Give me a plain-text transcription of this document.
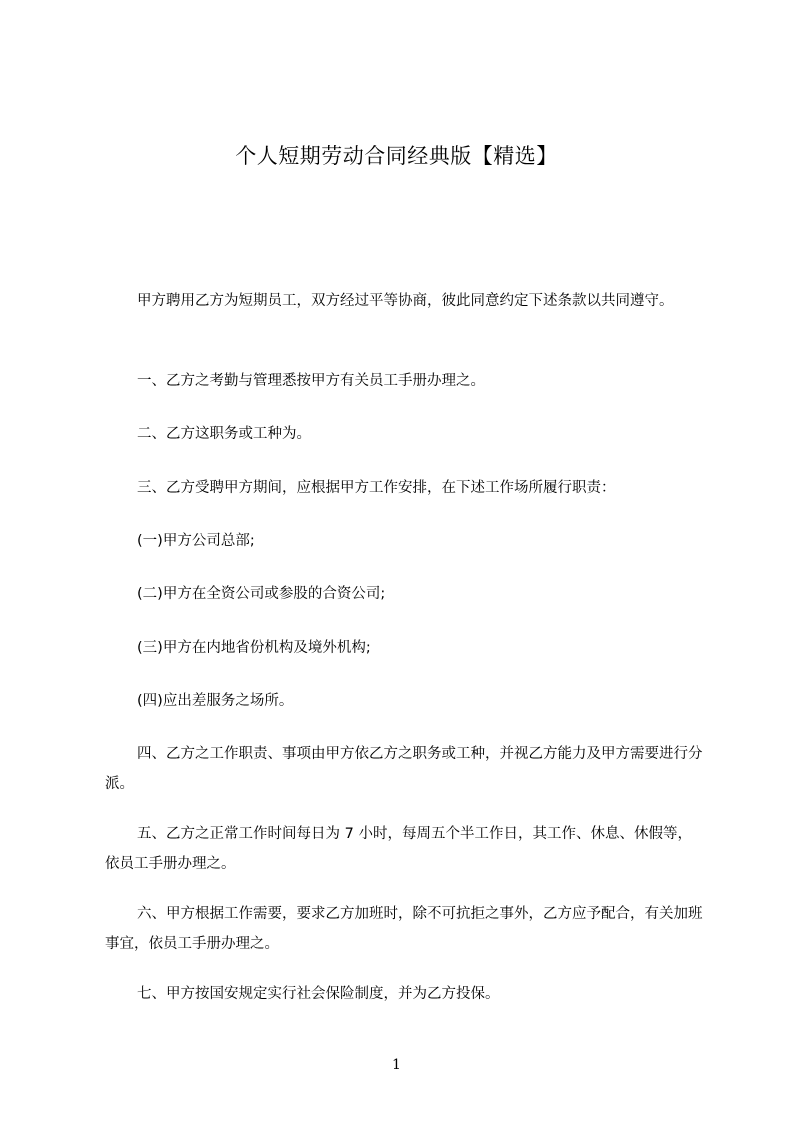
个人短期劳动合同经典版【精选】
甲方聘用乙方为短期员工，双方经过平等协商，彼此同意约定下述条款以共同遵守。
一、乙方之考勤与管理悉按甲方有关员工手册办理之。
二、乙方这职务或工种为。
三、乙方受聘甲方期间，应根据甲方工作安排，在下述工作场所履行职责：
(一)甲方公司总部;
(二)甲方在全资公司或参股的合资公司;
(三)甲方在内地省份机构及境外机构;
(四)应出差服务之场所。
四、乙方之工作职责、事项由甲方依乙方之职务或工种，并视乙方能力及甲方需要进行分派。
五、乙方之正常工作时间每日为 7 小时，每周五个半工作日，其工作、休息、休假等，依员工手册办理之。
六、甲方根据工作需要，要求乙方加班时，除不可抗拒之事外，乙方应予配合，有关加班事宜，依员工手册办理之。
七、甲方按国安规定实行社会保险制度，并为乙方投保。
1
